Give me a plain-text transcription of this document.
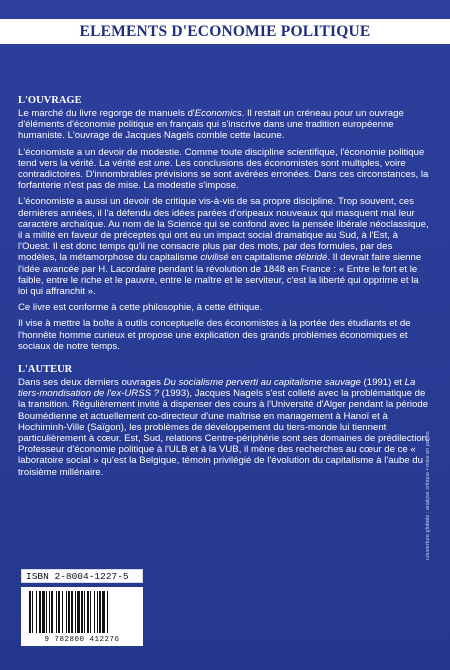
ELEMENTS D'ECONOMIE POLITIQUE
L'OUVRAGE

Le marché du livre regorge de manuels d'Economics. Il restait un créneau pour un ouvrage d'éléments d'économie politique en français qui s'inscrive dans une tradition européenne humaniste. L'ouvrage de Jacques Nagels comble cette lacune.

L'économiste a un devoir de modestie. Comme toute discipline scientifique, l'économie politique tend vers la vérité. La vérité est une. Les conclusions des économistes sont multiples, voire contradictoires. D'innombrables prévisions se sont avérées erronées. Dans ces circonstances, la forfanterie n'est pas de mise. La modestie s'impose.

L'économiste a aussi un devoir de critique vis-à-vis de sa propre discipline. Trop souvent, ces dernières années, il l'a défendu des idées parées d'oripeaux nouveaux qui masquent mal leur caractère archaïque. Au nom de la Science qui se confond avec la pensée libérale néoclassique, il a milité en faveur de préceptes qui ont eu un impact social dramatique au Sud, à l'Est, à l'Ouest. Il est donc temps qu'il ne consacre plus par des mots, par des formules, par des modèles, la métamorphose du capitalisme civilisé en capitalisme débridé. Il devrait faire sienne l'idée avancée par H. Lacordaire pendant la révolution de 1848 en France : « Entre le fort et le faible, entre le riche et le pauvre, entre le maître et le serviteur, c'est la liberté qui opprime et la loi qui affranchit ».

Ce livre est conforme à cette philosophie, à cette éthique.

Il vise à mettre la boîte à outils conceptuelle des économistes à la portée des étudiants et de l'honnête homme curieux et propose une explication des grands problèmes économiques et sociaux de notre temps.

L'AUTEUR

Dans ses deux derniers ouvrages Du socialisme perverti au capitalisme sauvage (1991) et La tiers-mondisation de l'ex-URSS ? (1993), Jacques Nagels s'est colleté avec la problématique de la transition. Régulièrement invité à dispenser des cours à l'Université d'Alger pendant la période Boumédienne et actuellement co-directeur d'une maîtrise en management à Hanoï et à Hochiminh-Ville (Saïgon), les problèmes de développement du tiers-monde lui tiennent particulièrement à cœur. Est, Sud, relations Centre-périphérie sont ses domaines de prédilection.

Professeur d'économie politique à l'ULB et à la VUB, il mène des recherches au cœur de ce « laboratoire social » qu'est la Belgique, témoin privilégié de l'évolution du capitalisme à l'aube du troisième millénaire.	couverture globale : analyse critique • mise en pages
ISBN 2-8004-1227-5
9 782800 412276
